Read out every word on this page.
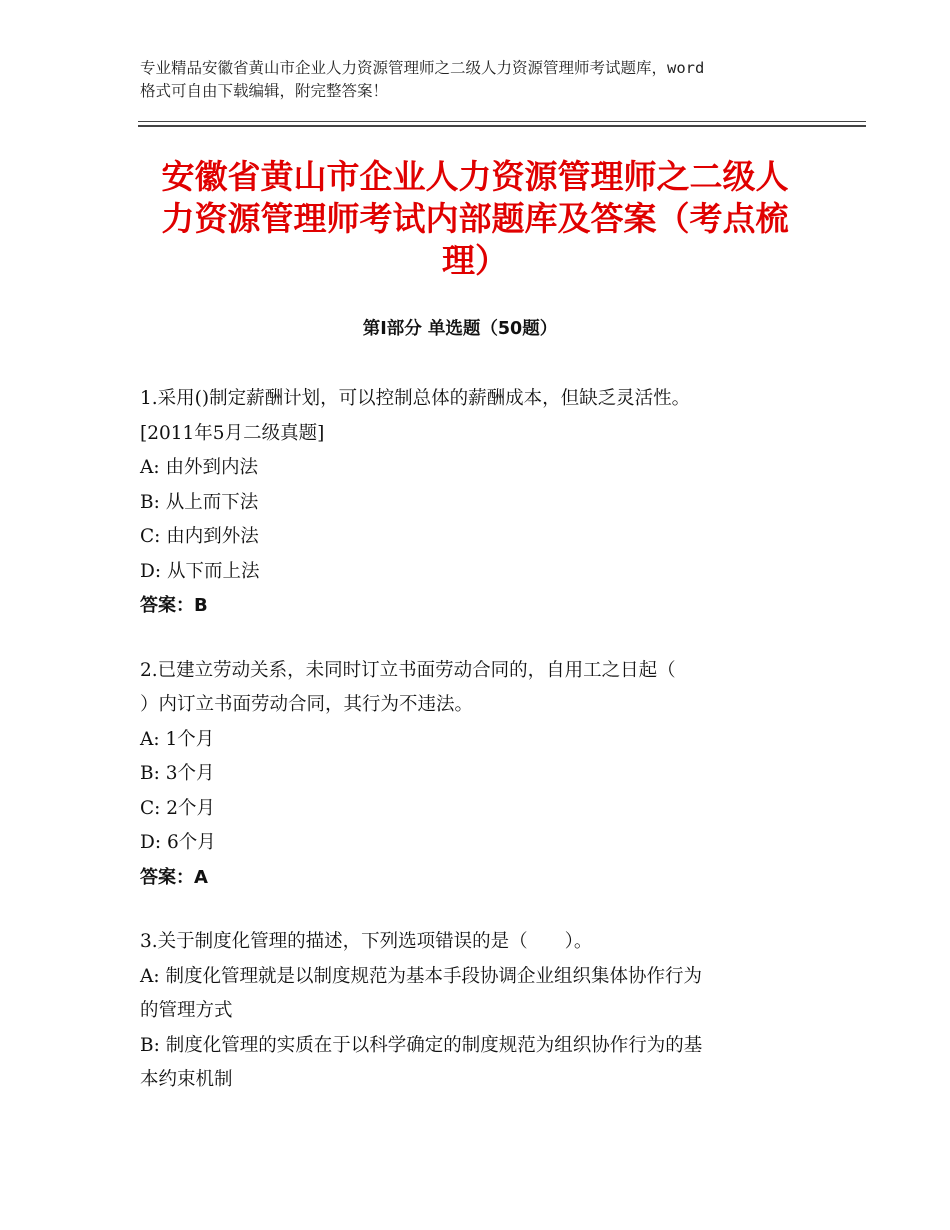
专业精品安徽省黄山市企业人力资源管理师之二级人力资源管理师考试题库，word
格式可自由下载编辑，附完整答案！
安徽省黄山市企业人力资源管理师之二级人
力资源管理师考试内部题库及答案（考点梳
理）
第Ⅰ部分 单选题（50题）
1.采用()制定薪酬计划，可以控制总体的薪酬成本，但缺乏灵活性。
[2011年5月二级真题]
A: 由外到内法
B: 从上而下法
C: 由内到外法
D: 从下而上法
答案：B
2.已建立劳动关系，未同时订立书面劳动合同的，自用工之日起（
）内订立书面劳动合同，其行为不违法。
A: 1个月
B: 3个月
C: 2个月
D: 6个月
答案：A
3.关于制度化管理的描述，下列选项错误的是（　　）。
A: 制度化管理就是以制度规范为基本手段协调企业组织集体协作行为
的管理方式
B: 制度化管理的实质在于以科学确定的制度规范为组织协作行为的基
本约束机制
